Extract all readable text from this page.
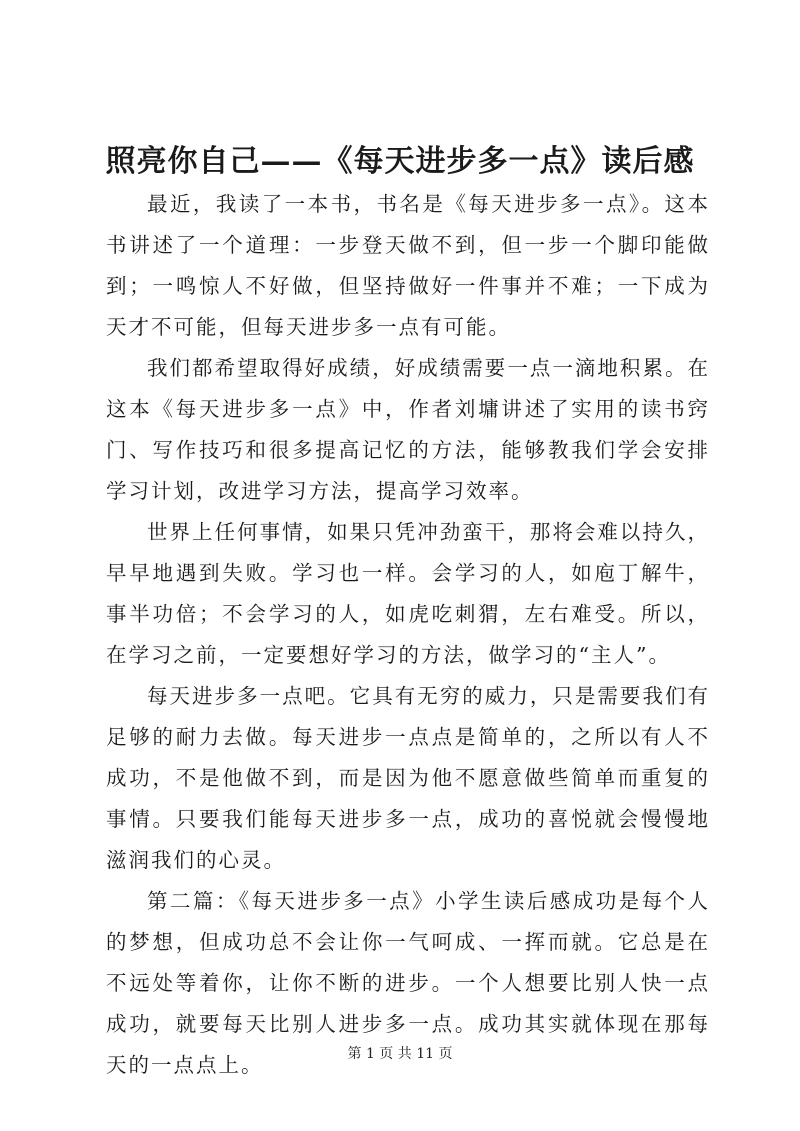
照亮你自己——《每天进步多一点》读后感

最近，我读了一本书，书名是《每天进步多一点》。这本书讲述了一个道理：一步登天做不到，但一步一个脚印能做到；一鸣惊人不好做，但坚持做好一件事并不难；一下成为天才不可能，但每天进步多一点有可能。

我们都希望取得好成绩，好成绩需要一点一滴地积累。在这本《每天进步多一点》中，作者刘墉讲述了实用的读书窍门、写作技巧和很多提高记忆的方法，能够教我们学会安排学习计划，改进学习方法，提高学习效率。

世界上任何事情，如果只凭冲劲蛮干，那将会难以持久，早早地遇到失败。学习也一样。会学习的人，如庖丁解牛，事半功倍；不会学习的人，如虎吃刺猬，左右难受。所以，在学习之前，一定要想好学习的方法，做学习的“主人”。

每天进步多一点吧。它具有无穷的威力，只是需要我们有足够的耐力去做。每天进步一点点是简单的，之所以有人不成功，不是他做不到，而是因为他不愿意做些简单而重复的事情。只要我们能每天进步多一点，成功的喜悦就会慢慢地滋润我们的心灵。

第二篇：《每天进步多一点》小学生读后感成功是每个人的梦想，但成功总不会让你一气呵成、一挥而就。它总是在不远处等着你，让你不断的进步。一个人想要比别人快一点成功，就要每天比别人进步多一点。成功其实就体现在那每天的一点点上。	第 1 页 共 11 页
